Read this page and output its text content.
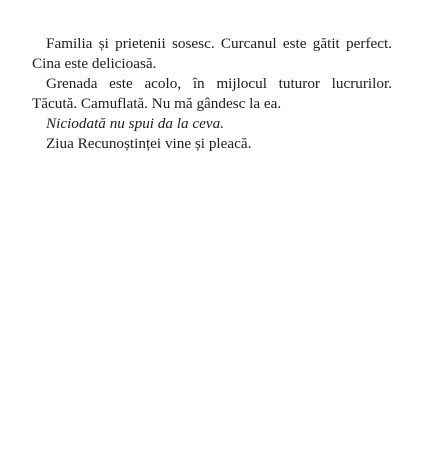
Familia și prietenii sosesc. Curcanul este gătit perfect. Cina este delicioasă.

Grenada este acolo, în mijlocul tuturor lucrurilor. Tăcută. Camuflată. Nu mă gândesc la ea.

Niciodată nu spui da la ceva.

Ziua Recunoștinței vine și pleacă.
